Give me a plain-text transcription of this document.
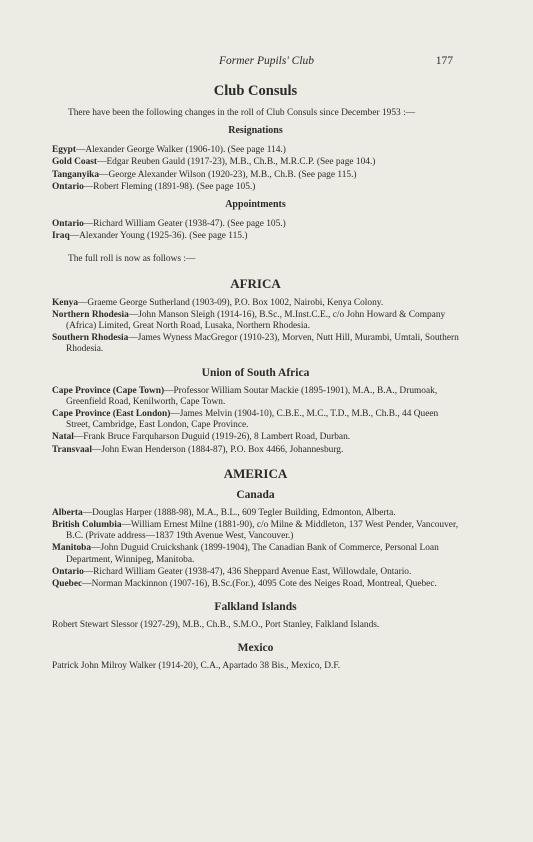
Former Pupils' Club	177
Club Consuls

There have been the following changes in the roll of Club Consuls since December 1953 :—

Resignations

Egypt—Alexander George Walker (1906-10). (See page 114.)

Gold Coast—Edgar Reuben Gauld (1917-23), M.B., Ch.B., M.R.C.P. (See page 104.)

Tanganyika—George Alexander Wilson (1920-23), M.B., Ch.B. (See page 115.)

Ontario—Robert Fleming (1891-98). (See page 105.)

Appointments

Ontario—Richard William Geater (1938-47). (See page 105.)

Iraq—Alexander Young (1925-36). (See page 115.)

The full roll is now as follows :—

AFRICA

Kenya—Graeme George Sutherland (1903-09), P.O. Box 1002, Nairobi, Kenya Colony.

Northern Rhodesia—John Manson Sleigh (1914-16), B.Sc., M.Inst.C.E., c/o John Howard & Company (Africa) Limited, Great North Road, Lusaka, Northern Rhodesia.

Southern Rhodesia—James Wyness MacGregor (1910-23), Morven, Nutt Hill, Murambi, Umtali, Southern Rhodesia.

Union of South Africa

Cape Province (Cape Town)—Professor William Soutar Mackie (1895-1901), M.A., B.A., Drumoak, Greenfield Road, Kenilworth, Cape Town.

Cape Province (East London)—James Melvin (1904-10), C.B.E., M.C., T.D., M.B., Ch.B., 44 Queen Street, Cambridge, East London, Cape Province.

Natal—Frank Bruce Farquharson Duguid (1919-26), 8 Lambert Road, Durban.

Transvaal—John Ewan Henderson (1884-87), P.O. Box 4466, Johannesburg.

AMERICA
Canada

Alberta—Douglas Harper (1888-98), M.A., B.L., 609 Tegler Building, Edmonton, Alberta.

British Columbia—William Ernest Milne (1881-90), c/o Milne & Middleton, 137 West Pender, Vancouver, B.C. (Private address—1837 19th Avenue West, Vancouver.)

Manitoba—John Duguid Cruickshank (1899-1904), The Canadian Bank of Commerce, Personal Loan Department, Winnipeg, Manitoba.

Ontario—Richard William Geater (1938-47), 436 Sheppard Avenue East, Willowdale, Ontario.

Quebec—Norman Mackinnon (1907-16), B.Sc.(For.), 4095 Cote des Neiges Road, Montreal, Quebec.

Falkland Islands

Robert Stewart Slessor (1927-29), M.B., Ch.B., S.M.O., Port Stanley, Falkland Islands.

Mexico

Patrick John Milroy Walker (1914-20), C.A., Apartado 38 Bis., Mexico, D.F.
